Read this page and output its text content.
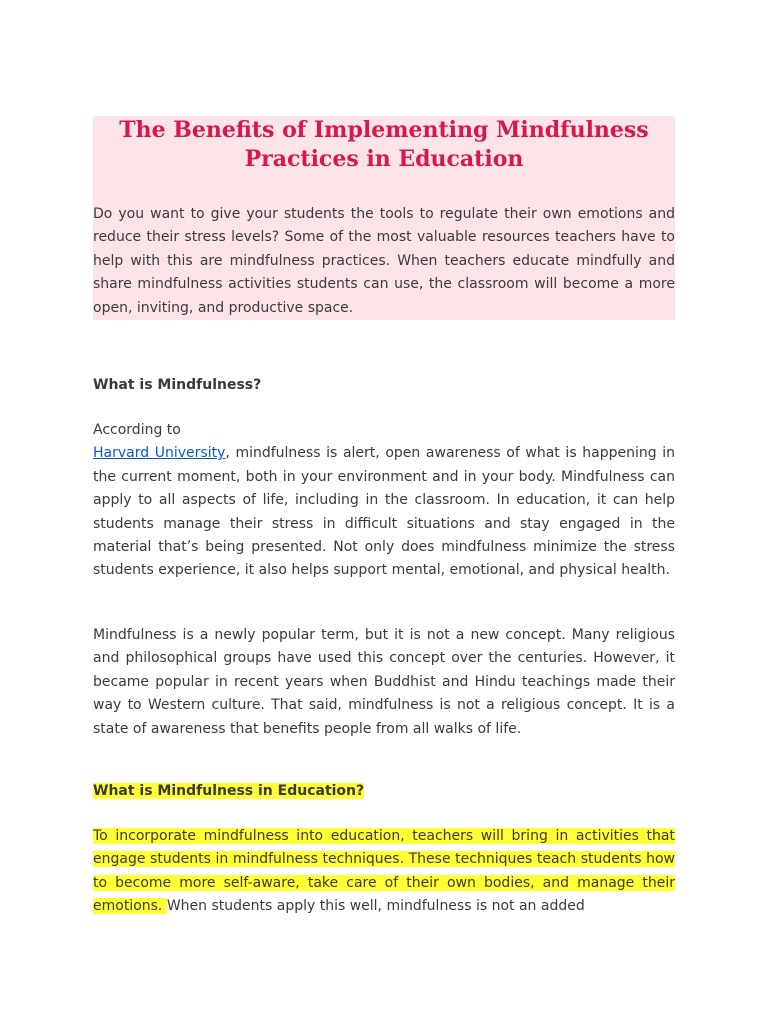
The Benefits of Implementing Mindfulness Practices in Education

Do you want to give your students the tools to regulate their own emotions and reduce their stress levels? Some of the most valuable resources teachers have to help with this are mindfulness practices. When teachers educate mindfully and share mindfulness activities students can use, the classroom will become a more open, inviting, and productive space.

What is Mindfulness?

According to
Harvard University, mindfulness is alert, open awareness of what is happening in the current moment, both in your environment and in your body. Mindfulness can apply to all aspects of life, including in the classroom. In education, it can help students manage their stress in difficult situations and stay engaged in the material that’s being presented. Not only does mindfulness minimize the stress students experience, it also helps support mental, emotional, and physical health.

Mindfulness is a newly popular term, but it is not a new concept. Many religious and philosophical groups have used this concept over the centuries. However, it became popular in recent years when Buddhist and Hindu teachings made their way to Western culture. That said, mindfulness is not a religious concept. It is a state of awareness that benefits people from all walks of life.

What is Mindfulness in Education?

To incorporate mindfulness into education, teachers will bring in activities that engage students in mindfulness techniques. These techniques teach students how to become more self-aware, take care of their own bodies, and manage their emotions. When students apply this well, mindfulness is not an added
